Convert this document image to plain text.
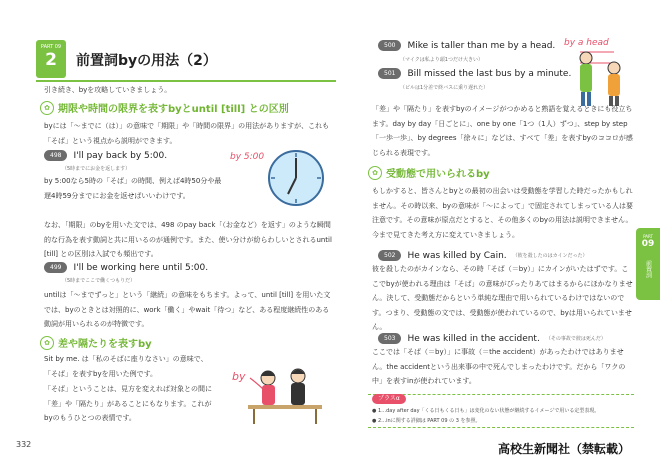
PART 09
2	前置詞byの用法（2）
引き続き、byを攻略していきましょう。
✿ 期限や時間の限界を表すbyとuntil [till] との区別
byには「～までに（は）」の意味で「期限」や「時間の限界」の用法がありますが、これも「そば」という視点から説明ができます。
498	I'll pay back by 5:00.
（5時までにお金を返します）
by 5:00なら5時の「そば」の時間、例えば4時50分や最遅4時59分までにお金を返せばいいわけです。
by 5:00
なお、「期限」のbyを用いた文では、498 のpay back「（お金など）を返す」のような瞬間的な行為を表す動詞と共に用いるのが通例です。また、使い分けが紛らわしいとされるuntil [till] との区別は入試でも頻出です。
499	I'll be working here until 5:00.
（5時までここで働くつもりだ）
untilは「～までずっと」という「継続」の意味をもちます。よって、until [till] を用いた文では、byのときとは対照的に、work「働く」やwait「待つ」など、ある程度継続性のある動詞が用いられるのが特徴です。
✿ 差や隔たりを表すby
Sit by me. は「私のそばに座りなさい」の意味で、「そば」を表すbyを用いた例です。
「そば」ということは、見方を変えれば対象との間に「差」や「隔たり」があることにもなります。これがbyのもうひとつの表情です。
by
332
500	Mike is taller than me by a head.
（マイクは私より頭1つだけ大きい）
501	Bill missed the last bus by a minute.
（ビルは1分差で終バスに乗り遅れた）
by a head
「差」や「隔たり」を表すbyのイメージがつかめると熟語を覚えるときにも役立ちます。day by day「日ごとに」、one by one「1つ（1人）ずつ」、step by step「一歩一歩」、by degrees「徐々に」などは、すべて「差」を表すbyのココロが感じられる表現です。
✿ 受動態で用いられるby
もしかすると、皆さんとbyとの最初の出会いは受動態を学習した時だったかもしれません。その時以来、byの意味が「～によって」で固定されてしまっている人は要注意です。その意味が原点だとすると、その他多くのbyの用法は説明できません。今まで見てきた考え方に変えていきましょう。
502	He was killed by Cain. （彼を殺したのはカインだった）
彼を殺したのがカインなら、その時「そば（＝by）」にカインがいたはずです。ここでbyが使われる理由は「そば」の意味がぴったりあてはまるからにほかなりません。決して、受動態だからという単純な理由で用いられているわけではないのです。つまり、受動態の文では、受動態が使われているので、byは用いられていません。
503	He was killed in the accident. （その事故で彼は死んだ）
ここでは「そば（＝by）」に事故（＝the accident）があったわけではありません。the accidentという出来事の中で死んでしまったわけです。だから「ワクの中」を表すinが使われています。
プラスα
● 1…day after day「くる日もくる日も」は変化のない状態が継続するイメージで用いる定型表現。
● 2…inに関する詳細は PART 09 の 3 を参照。
PART
09
前置詞
高校生新聞社（禁転載）
